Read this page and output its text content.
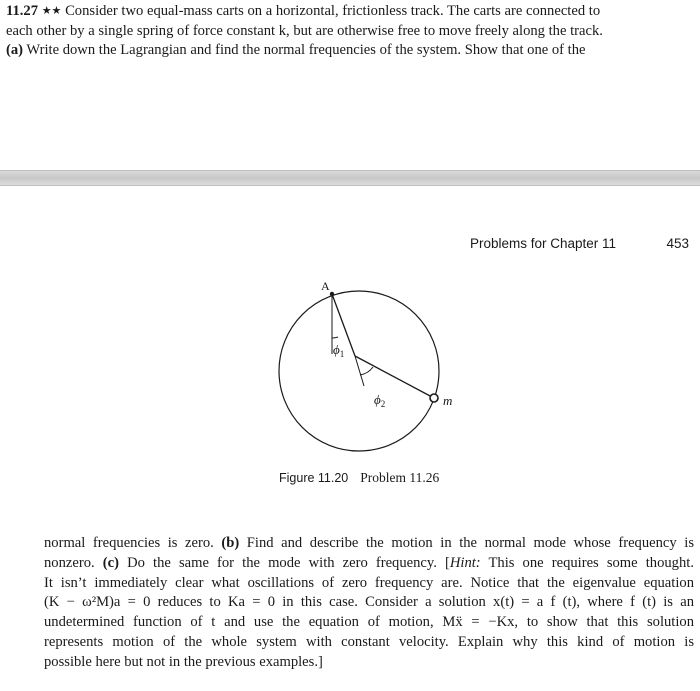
11.27 ★★ Consider two equal-mass carts on a horizontal, frictionless track. The carts are connected to
each other by a single spring of force constant k, but are otherwise free to move freely along the track.
(a) Write down the Lagrangian and find the normal frequencies of the system. Show that one of the
Problems for Chapter 11	453
A
$\phi_1$
$\phi_2$	m
Figure 11.20 Problem 11.26
normal frequencies is zero. (b) Find and describe the motion in the normal mode whose frequency is
nonzero. (c) Do the same for the mode with zero frequency. [Hint: This one requires some thought.
It isn’t immediately clear what oscillations of zero frequency are. Notice that the eigenvalue equation
(K − ω²M)a = 0 reduces to Ka = 0 in this case. Consider a solution x(t) = a f (t), where f (t) is an
undetermined function of t and use the equation of motion, Mẍ = −Kx, to show that this solution
represents motion of the whole system with constant velocity. Explain why this kind of motion is
possible here but not in the previous examples.]
